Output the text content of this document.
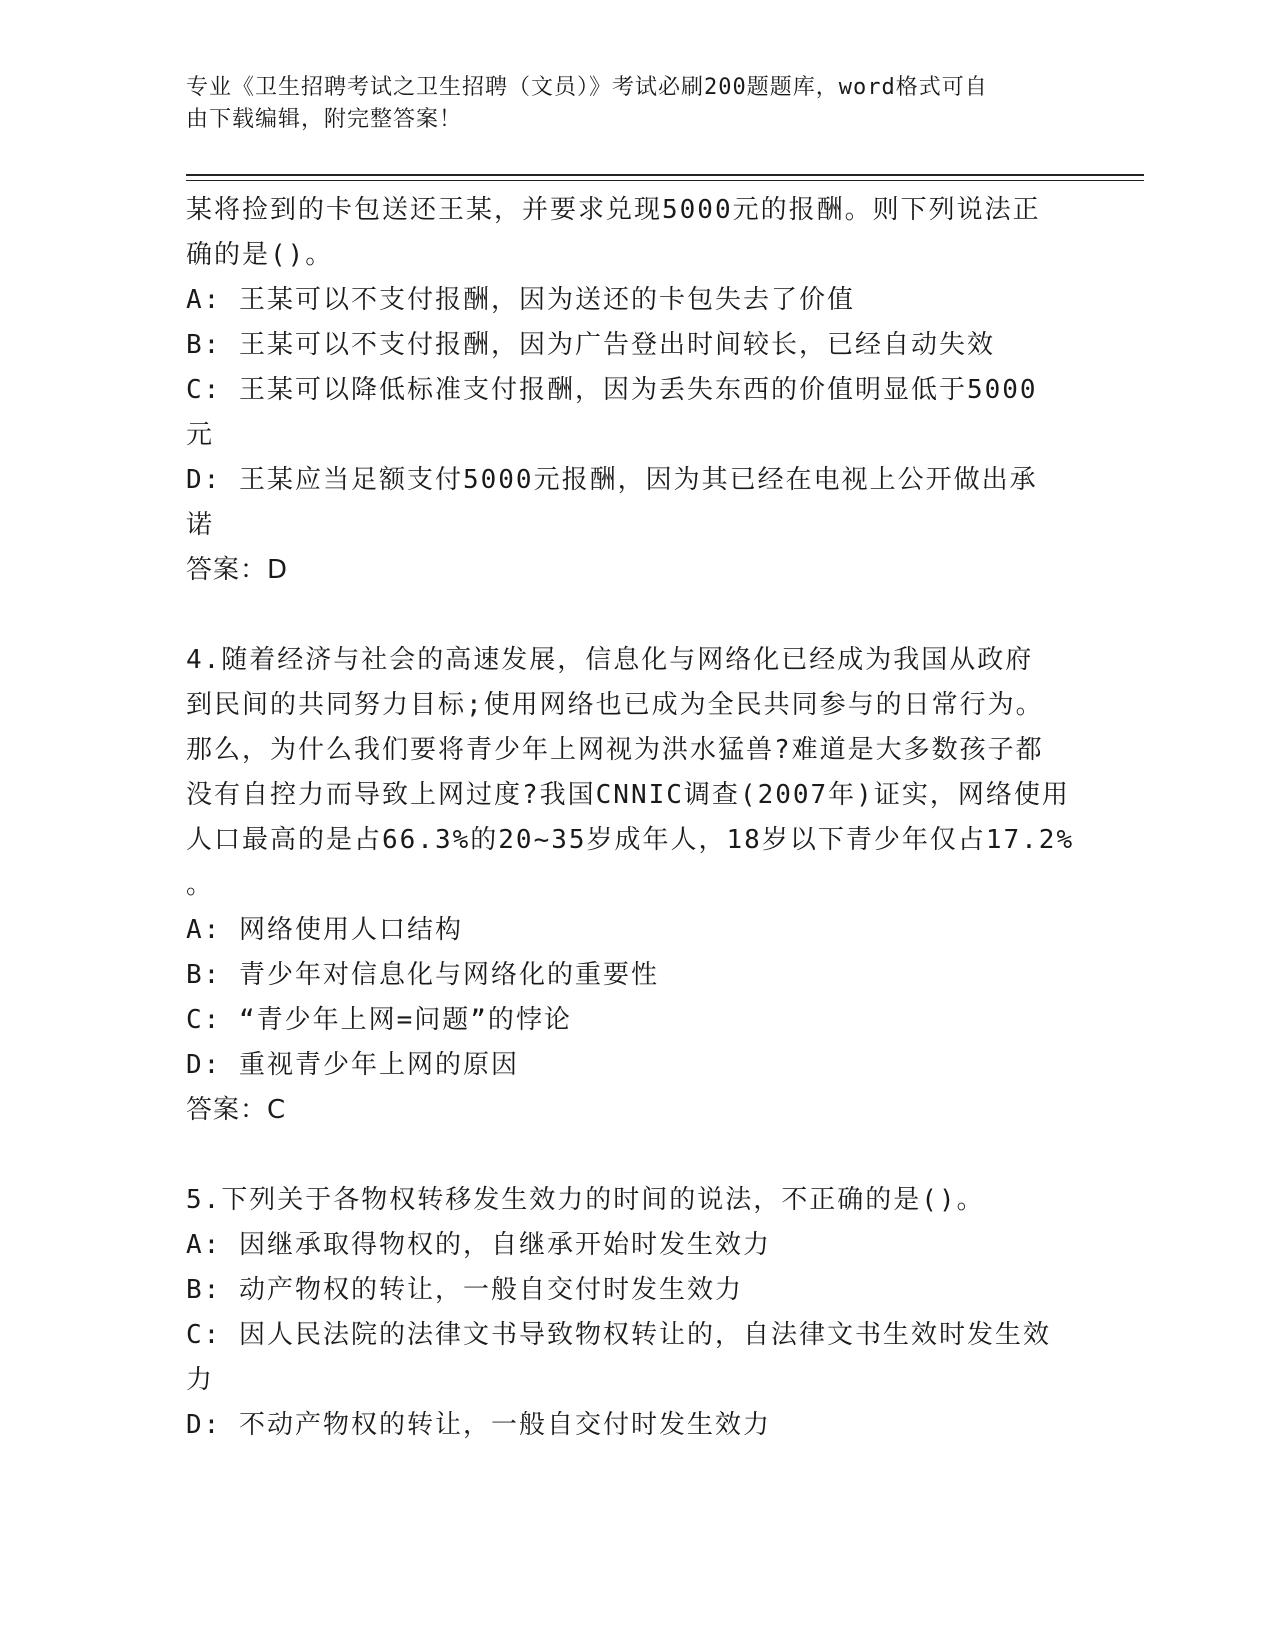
专业《卫生招聘考试之卫生招聘（文员）》考试必刷200题题库，word格式可自
由下载编辑，附完整答案！
某将捡到的卡包送还王某，并要求兑现5000元的报酬。则下列说法正
确的是()。
A: 王某可以不支付报酬，因为送还的卡包失去了价值
B: 王某可以不支付报酬，因为广告登出时间较长，已经自动失效
C: 王某可以降低标准支付报酬，因为丢失东西的价值明显低于5000
元
D: 王某应当足额支付5000元报酬，因为其已经在电视上公开做出承
诺
答案：D
4.随着经济与社会的高速发展，信息化与网络化已经成为我国从政府
到民间的共同努力目标;使用网络也已成为全民共同参与的日常行为。
那么，为什么我们要将青少年上网视为洪水猛兽?难道是大多数孩子都
没有自控力而导致上网过度?我国CNNIC调查(2007年)证实，网络使用
人口最高的是占66.3%的20~35岁成年人，18岁以下青少年仅占17.2%
。
A: 网络使用人口结构
B: 青少年对信息化与网络化的重要性
C: “青少年上网=问题”的悖论
D: 重视青少年上网的原因
答案：C
5.下列关于各物权转移发生效力的时间的说法，不正确的是()。
A: 因继承取得物权的，自继承开始时发生效力
B: 动产物权的转让，一般自交付时发生效力
C: 因人民法院的法律文书导致物权转让的，自法律文书生效时发生效
力
D: 不动产物权的转让，一般自交付时发生效力
